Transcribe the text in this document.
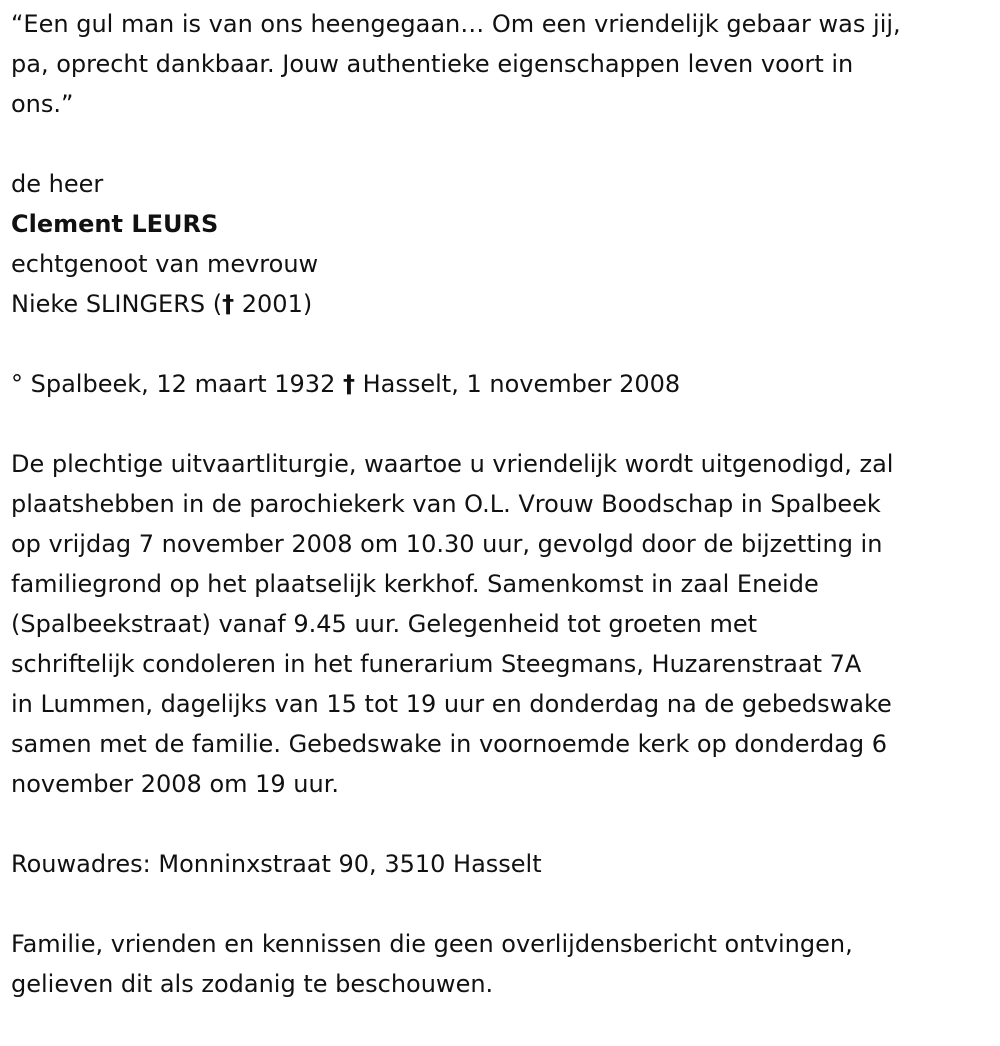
“Een gul man is van ons heengegaan… Om een vriendelijk gebaar was jij,
pa, oprecht dankbaar. Jouw authentieke eigenschappen leven voort in
ons.”
de heer
Clement LEURS
echtgenoot van mevrouw
Nieke SLINGERS († 2001)
° Spalbeek, 12 maart 1932 † Hasselt, 1 november 2008
De plechtige uitvaartliturgie, waartoe u vriendelijk wordt uitgenodigd, zal
plaatshebben in de parochiekerk van O.L. Vrouw Boodschap in Spalbeek
op vrijdag 7 november 2008 om 10.30 uur, gevolgd door de bijzetting in
familiegrond op het plaatselijk kerkhof. Samenkomst in zaal Eneide
(Spalbeekstraat) vanaf 9.45 uur. Gelegenheid tot groeten met
schriftelijk condoleren in het funerarium Steegmans, Huzarenstraat 7A
in Lummen, dagelijks van 15 tot 19 uur en donderdag na de gebedswake
samen met de familie. Gebedswake in voornoemde kerk op donderdag 6
november 2008 om 19 uur.
Rouwadres: Monninxstraat 90, 3510 Hasselt
Familie, vrienden en kennissen die geen overlijdensbericht ontvingen,
gelieven dit als zodanig te beschouwen.
